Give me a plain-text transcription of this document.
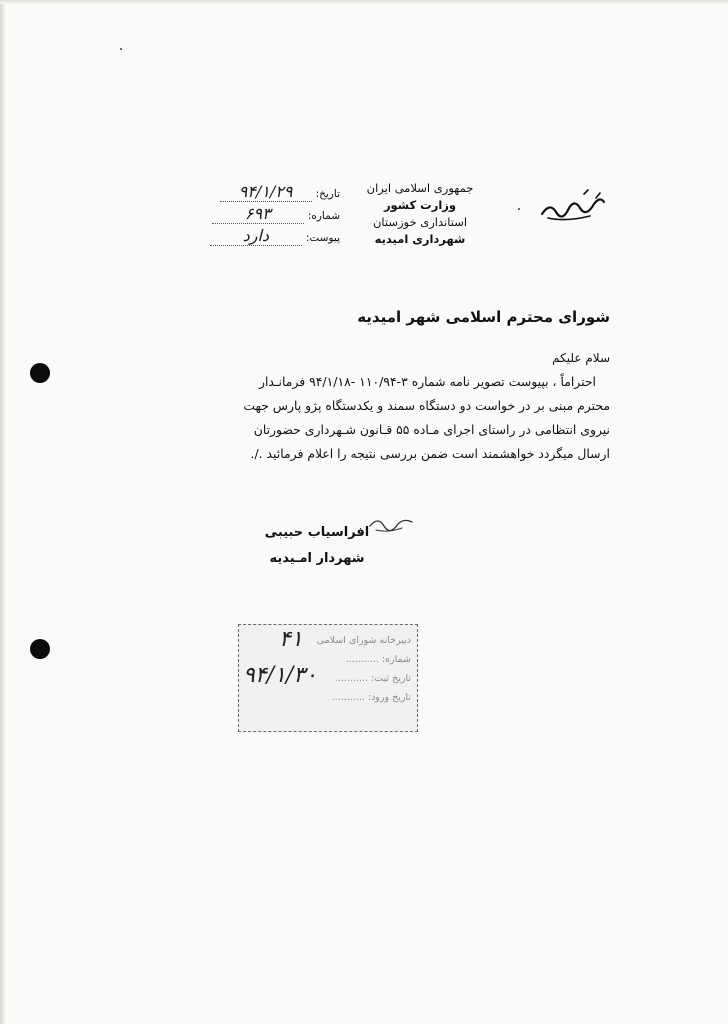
جمهوری اسلامی ایران
وزارت کشور
استانداری خوزستان
شهرداری امیدیه
تاریخ:
۹۴/۱/۲۹
شماره:
۶۹۳
پیوست:
دارد
شورای محترم اسلامی شهر امیدیه
سلام علیکم
احتراماً ، بپیوست تصویر نامه شماره ۳-۱۱۰/۹۴ -۹۴/۱/۱۸ فرمانـدار
محترم مبنی بر در خواست دو دستگاه سمند و یکدستگاه پژو پارس جهت
نیروی انتظامی در راستای اجرای مـاده ۵۵ قـانون شـهرداری حضورتان
ارسال میگردد خواهشمند است ضمن بررسی نتیجه را اعلام فرمائید ./.
افراسیاب حبیبی
شهردار امـیدیه
دبیرخانه شورای اسلامی
شماره: ...........
تاریخ ثبت: ...........
تاریخ ورود: ...........
۴۱
۹۴/۱/۳۰
